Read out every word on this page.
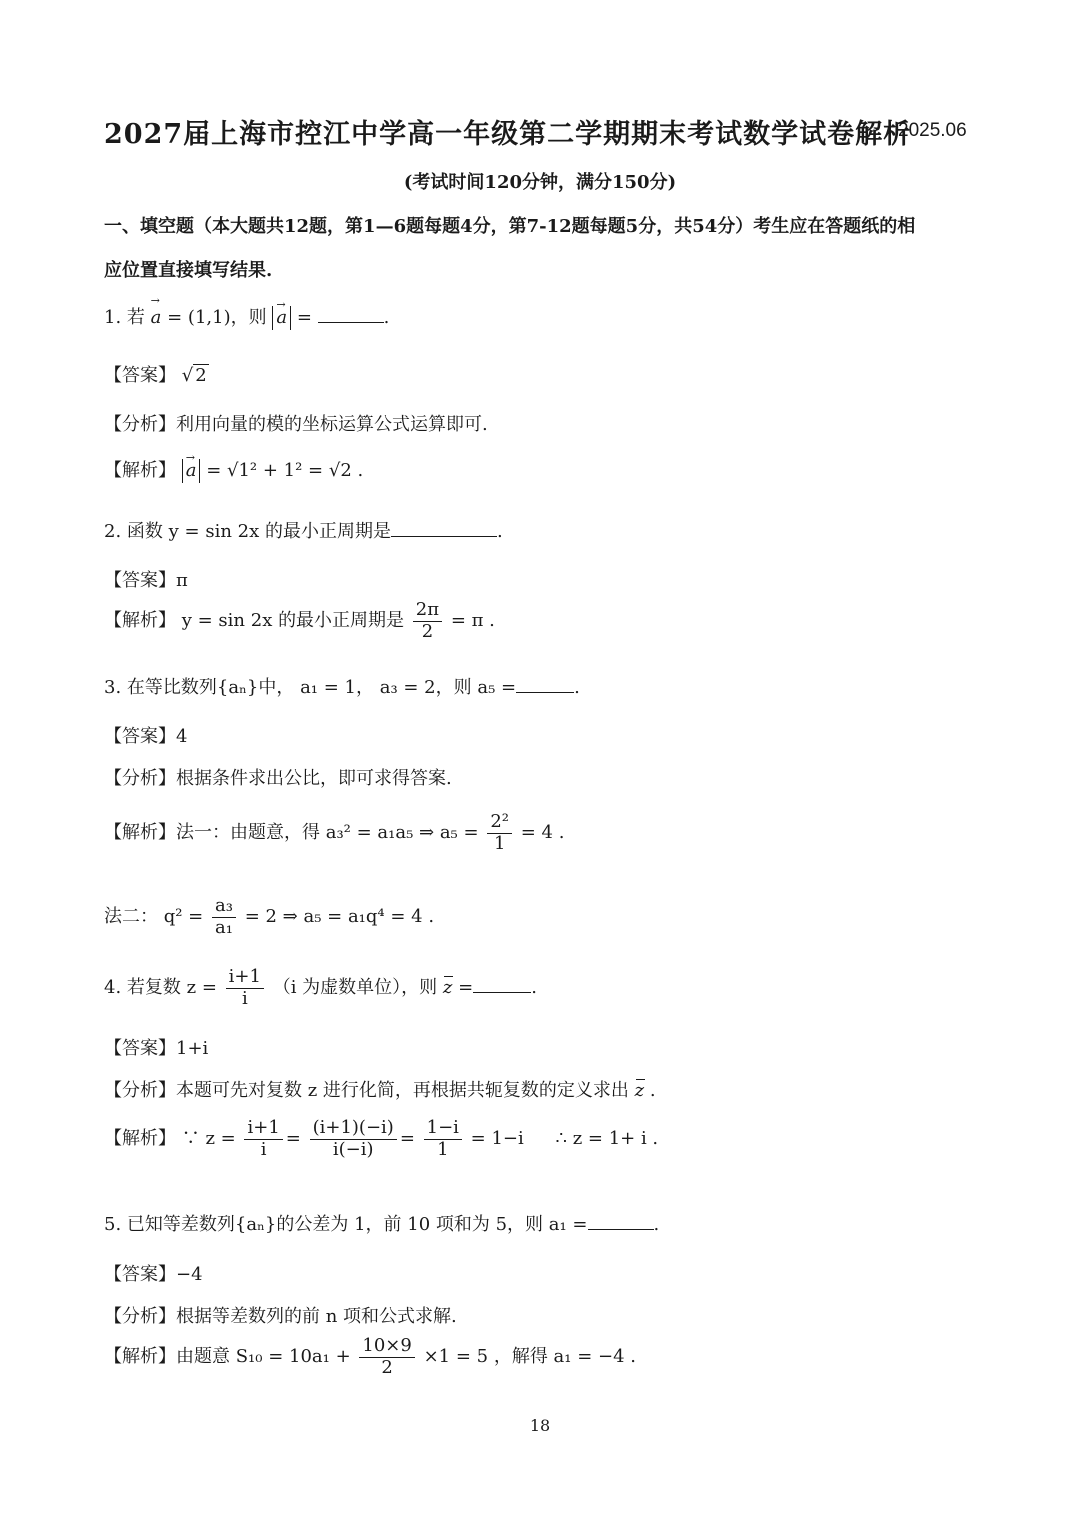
2027届上海市控江中学高一年级第二学期期末考试数学试卷解析
2025.06
(考试时间120分钟，满分150分)
一、填空题（本大题共12题，第1—6题每题4分，第7-12题每题5分，共54分）考生应在答题纸的相
应位置直接填写结果.
1. 若 → a = (1,1)，则 → a =	.
【答案】 √ 2
【分析】利用向量的模的坐标运算公式运算即可.
【解析】 → a = √1² + 1² = √2 .
2. 函数 y = sin 2x 的最小正周期是	.
【答案】π
【解析】 y = sin 2x 的最小正周期是 $\frac{2\pi}{2} = \pi$ .
3. 在等比数列{aₙ}中， a₁ = 1， a₃ = 2，则 a₅ =	.
【答案】4
【分析】根据条件求出公比，即可求得答案.
【解析】法一：由题意，得 a₃² = a₁a₅ ⇒ $a_5 = \frac{\text{2²}}{1} = 4$ .
法二： $q^2 = \frac{\text{a₃}}{\text{a₁}} = 2$ ⇒ a₅ = a₁q⁴ = 4 .
4. 若复数 $z = \frac{i+1}{i} (i$ 为虚数单位），则 z =	.
【答案】1+i
【分析】本题可先对复数 z 进行化简，再根据共轭复数的定义求出 z .
【解析】 ∵ $z = \frac{i+1}{i} = \frac{(i+1)(-i)}{i(-i)} = \frac{1-i}{1} = 1-i$ ∴ z = 1+ i .
5. 已知等差数列{aₙ}的公差为 1，前 10 项和为 5，则 a₁ =	.
【答案】−4
【分析】根据等差数列的前 n 项和公式求解.
【解析】由题意 $S_{10} = 10a_1 + \frac{10\times 9}{2} \times 1 = 5$ ，解得 a₁ = −4 .
18
